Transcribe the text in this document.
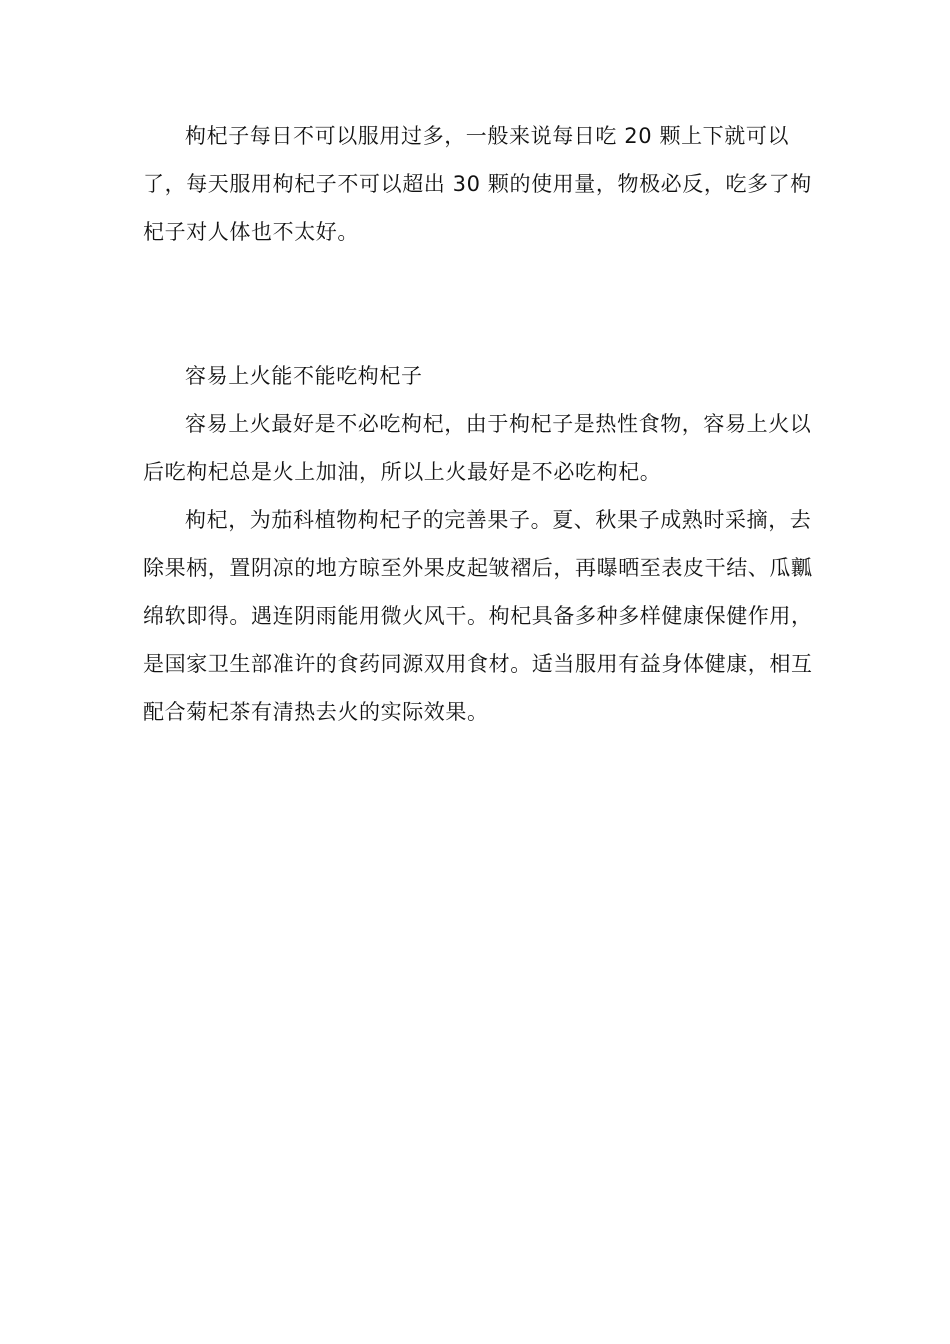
枸杞子每日不可以服用过多，一般来说每日吃 20 颗上下就可以了，每天服用枸杞子不可以超出 30 颗的使用量，物极必反，吃多了枸杞子对人体也不太好。

容易上火能不能吃枸杞子

容易上火最好是不必吃枸杞，由于枸杞子是热性食物，容易上火以后吃枸杞总是火上加油，所以上火最好是不必吃枸杞。

枸杞，为茄科植物枸杞子的完善果子。夏、秋果子成熟时采摘，去除果柄，置阴凉的地方晾至外果皮起皱褶后，再曝晒至表皮干结、瓜瓤绵软即得。遇连阴雨能用微火风干。枸杞具备多种多样健康保健作用，是国家卫生部准许的食药同源双用食材。适当服用有益身体健康，相互配合菊杞茶有清热去火的实际效果。
